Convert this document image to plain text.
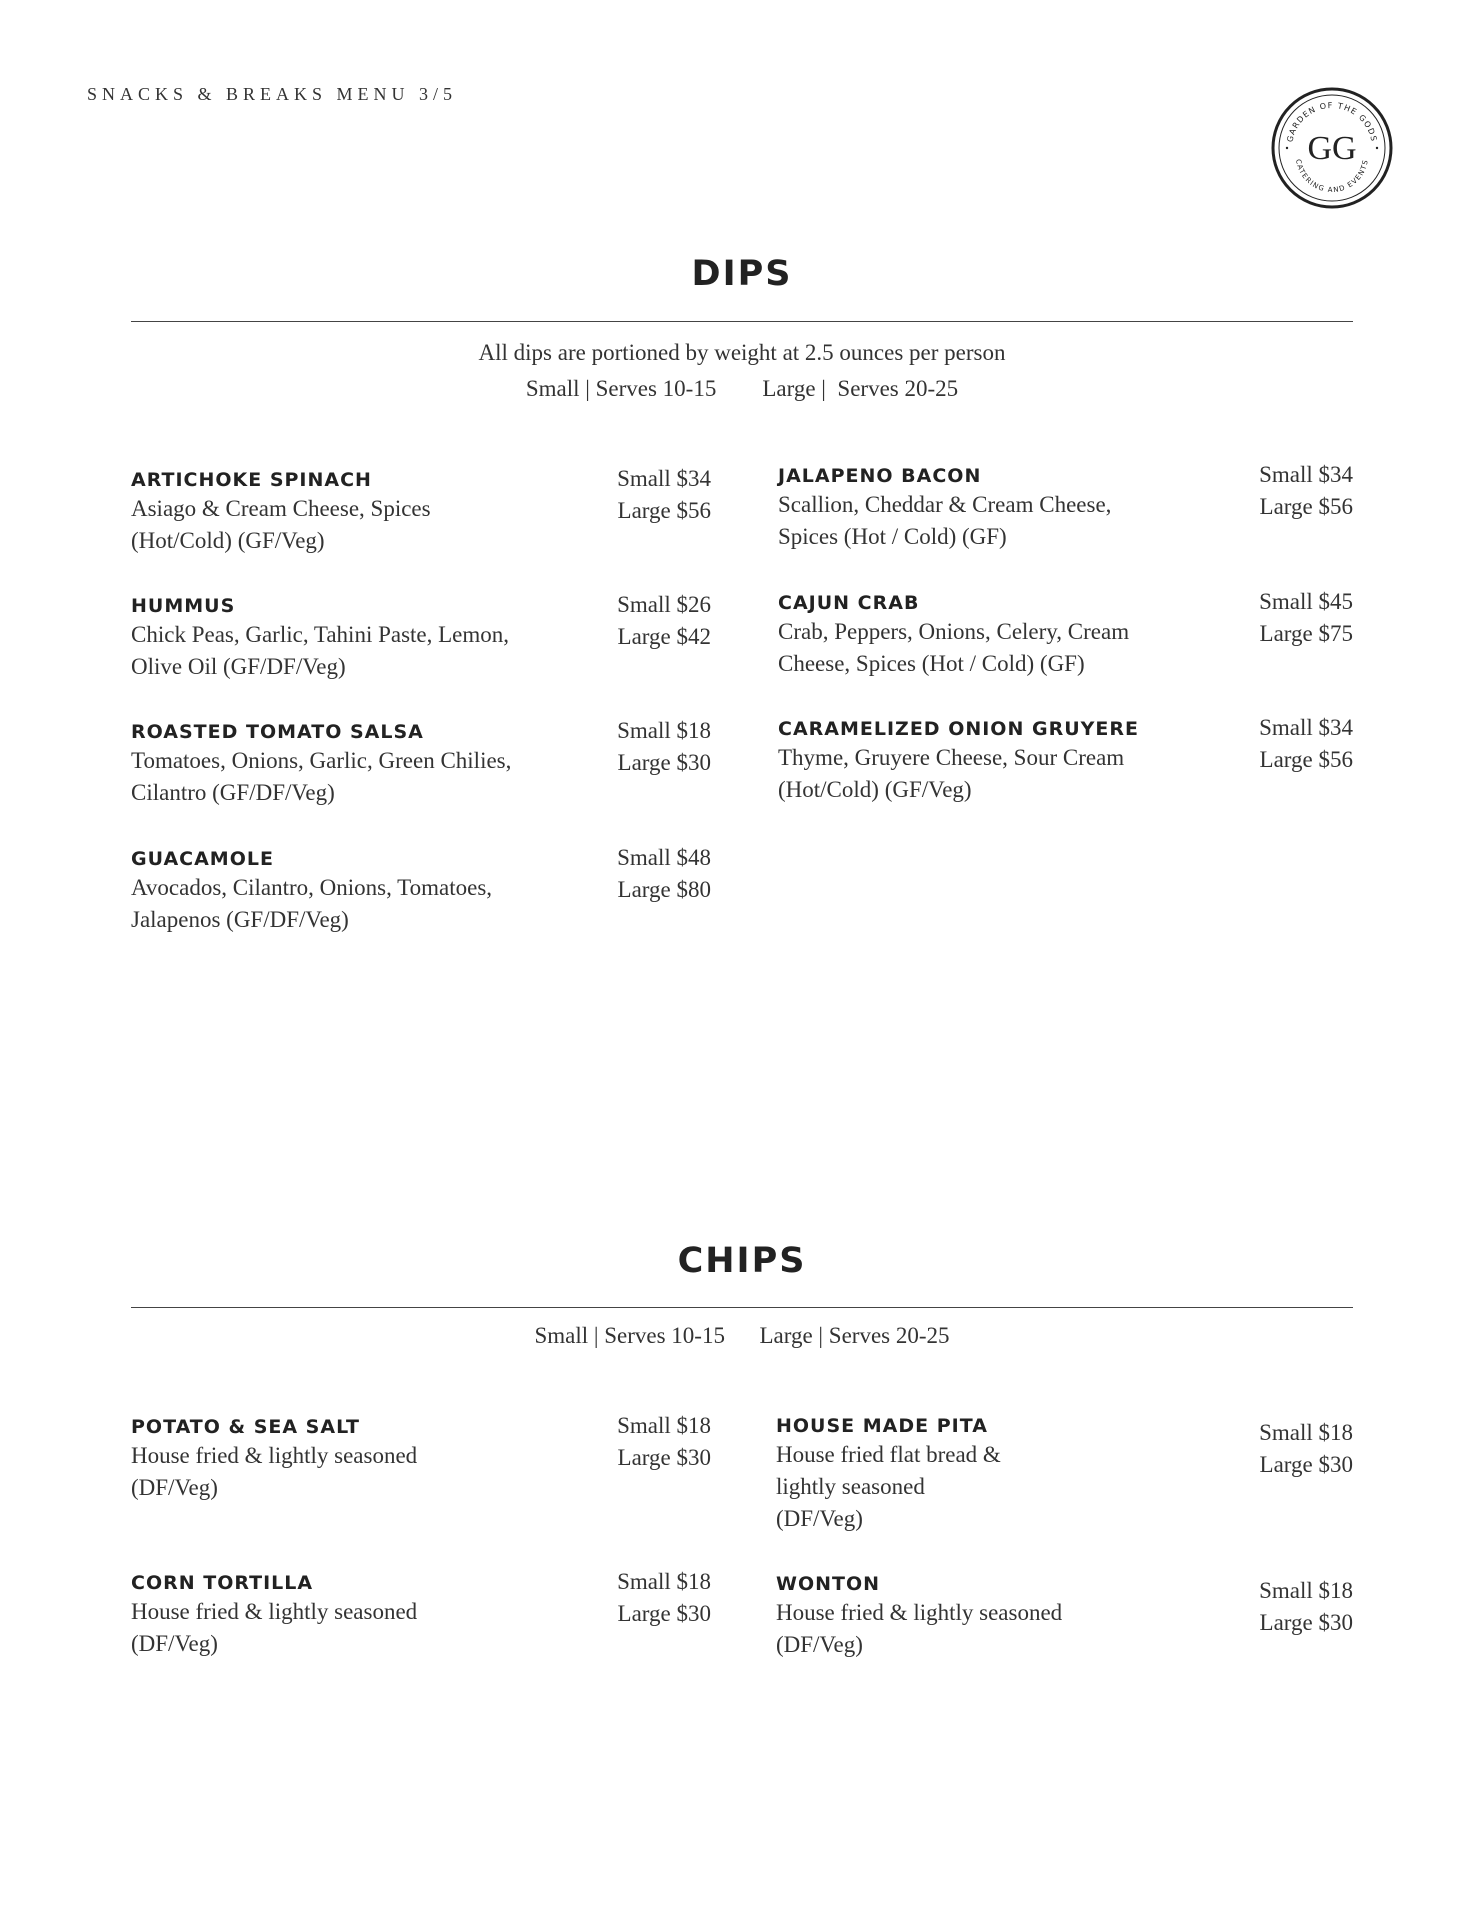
SNACKS & BREAKS MENU 3/5
GARDEN OF THE GODS
CATERING AND EVENTS
GG
DIPS
All dips are portioned by weight at 2.5 ounces per person
Small | Serves 10-15        Large |  Serves 20-25
ARTICHOKE SPINACH
Asiago & Cream Cheese, Spices
(Hot/Cold) (GF/Veg)
Small $34
Large $56
HUMMUS
Chick Peas, Garlic, Tahini Paste, Lemon,
Olive Oil (GF/DF/Veg)
Small $26
Large $42
ROASTED TOMATO SALSA
Tomatoes, Onions, Garlic, Green Chilies,
Cilantro (GF/DF/Veg)
Small $18
Large $30
GUACAMOLE
Avocados, Cilantro, Onions, Tomatoes,
Jalapenos (GF/DF/Veg)
Small $48
Large $80
JALAPENO BACON
Scallion, Cheddar & Cream Cheese,
Spices (Hot / Cold) (GF)
Small $34
Large $56
CAJUN CRAB
Crab, Peppers, Onions, Celery, Cream
Cheese, Spices (Hot / Cold) (GF)
Small $45
Large $75
CARAMELIZED ONION GRUYERE
Thyme, Gruyere Cheese, Sour Cream
(Hot/Cold) (GF/Veg)
Small $34
Large $56
CHIPS
Small | Serves 10-15      Large | Serves 20-25
POTATO & SEA SALT
House fried & lightly seasoned
(DF/Veg)
Small $18
Large $30
CORN TORTILLA
House fried & lightly seasoned
(DF/Veg)
Small $18
Large $30
HOUSE MADE PITA
House fried flat bread &
lightly seasoned
(DF/Veg)
Small $18
Large $30
WONTON
House fried & lightly seasoned
(DF/Veg)
Small $18
Large $30
